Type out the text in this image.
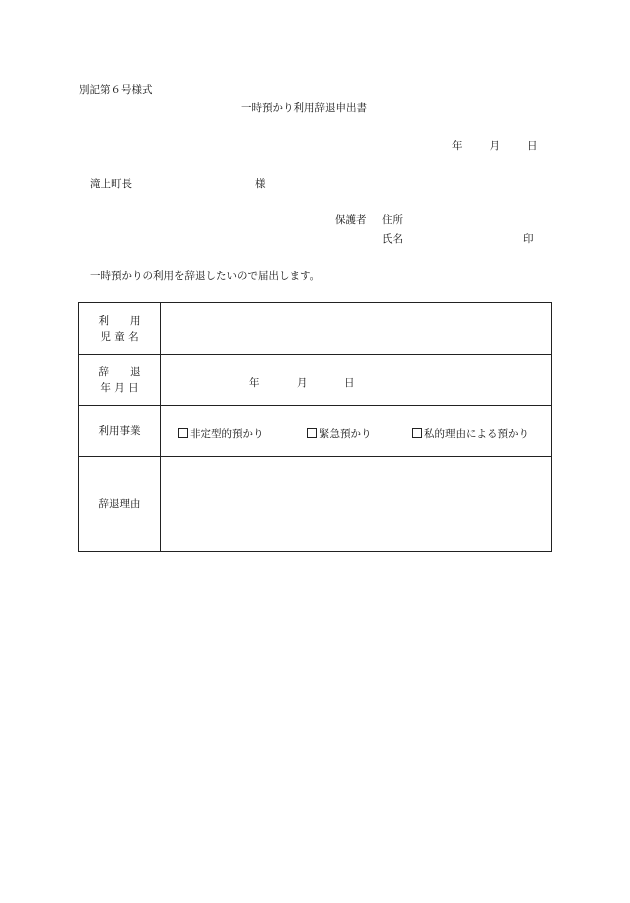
別記第６号様式
一時預かり利用辞退申出書
年	月	日
滝上町長	様
保護者 住所
氏名	印
一時預かりの利用を辞退したいので届出します。
利　　用
児 童 名	
辞　　退
年 月 日	年 月 日

利用事業	非定型的預かり 緊急預かり 私的理由による預かり

辞退理由	
